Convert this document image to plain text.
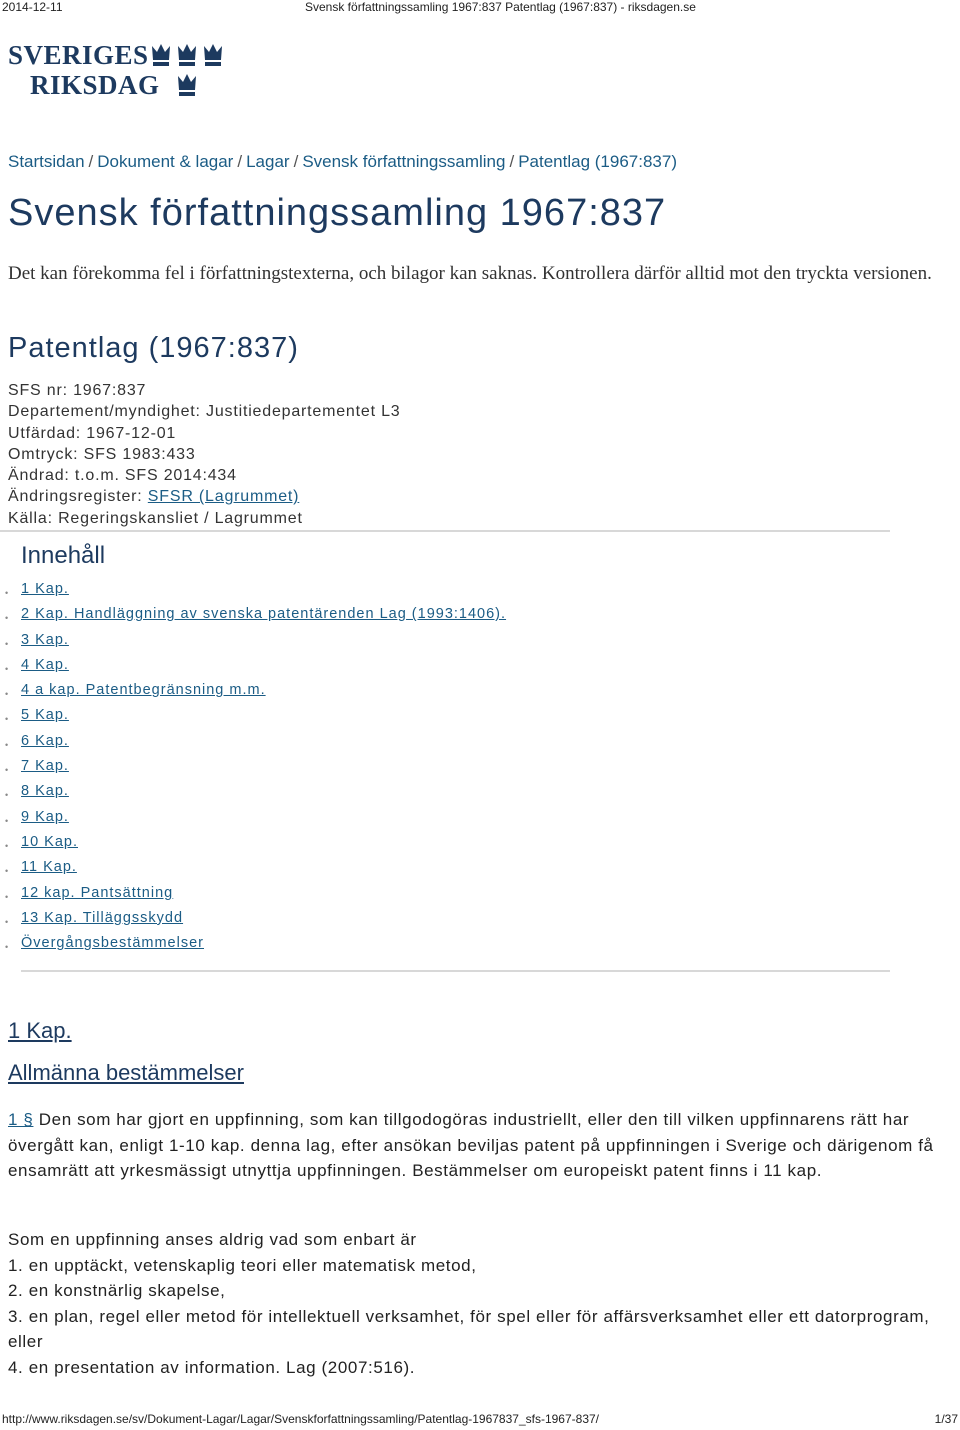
2014-12-11	Svensk författningssamling 1967:837 Patentlag (1967:837) - riksdagen.se
SVERIGES
RIKSDAG
Startsidan / Dokument & lagar / Lagar / Svensk författningssamling / Patentlag (1967:837)
Svensk författningssamling 1967:837

Det kan förekomma fel i författningstexterna, och bilagor kan saknas. Kontrollera därför alltid mot den tryckta versionen.

Patentlag (1967:837)
SFS nr: 1967:837
Departement/myndighet: Justitiedepartementet L3
Utfärdad: 1967-12-01
Omtryck: SFS 1983:433
Ändrad: t.o.m. SFS 2014:434
Ändringsregister: SFSR (Lagrummet)
Källa: Regeringskansliet / Lagrummet
Innehåll
• 1 Kap.
• 2 Kap. Handläggning av svenska patentärenden Lag (1993:1406).
• 3 Kap.
• 4 Kap.
• 4 a kap. Patentbegränsning m.m.
• 5 Kap.
• 6 Kap.
• 7 Kap.
• 8 Kap.
• 9 Kap.
• 10 Kap.
• 11 Kap.
• 12 kap. Pantsättning
• 13 Kap. Tilläggsskydd
• Övergångsbestämmelser
1 Kap.
Allmänna bestämmelser

1 § Den som har gjort en uppfinning, som kan tillgodogöras industriellt, eller den till vilken uppfinnarens rätt har övergått kan, enligt 1-10 kap. denna lag, efter ansökan beviljas patent på uppfinningen i Sverige och därigenom få ensamrätt att yrkesmässigt utnyttja uppfinningen. Bestämmelser om europeiskt patent finns i 11 kap.

Som en uppfinning anses aldrig vad som enbart är
1. en upptäckt, vetenskaplig teori eller matematisk metod,
2. en konstnärlig skapelse,
3. en plan, regel eller metod för intellektuell verksamhet, för spel eller för affärsverksamhet eller ett datorprogram, eller
4. en presentation av information. Lag (2007:516).
http://www.riksdagen.se/sv/Dokument-Lagar/Lagar/Svenskforfattningssamling/Patentlag-1967837_sfs-1967-837/	1/37
